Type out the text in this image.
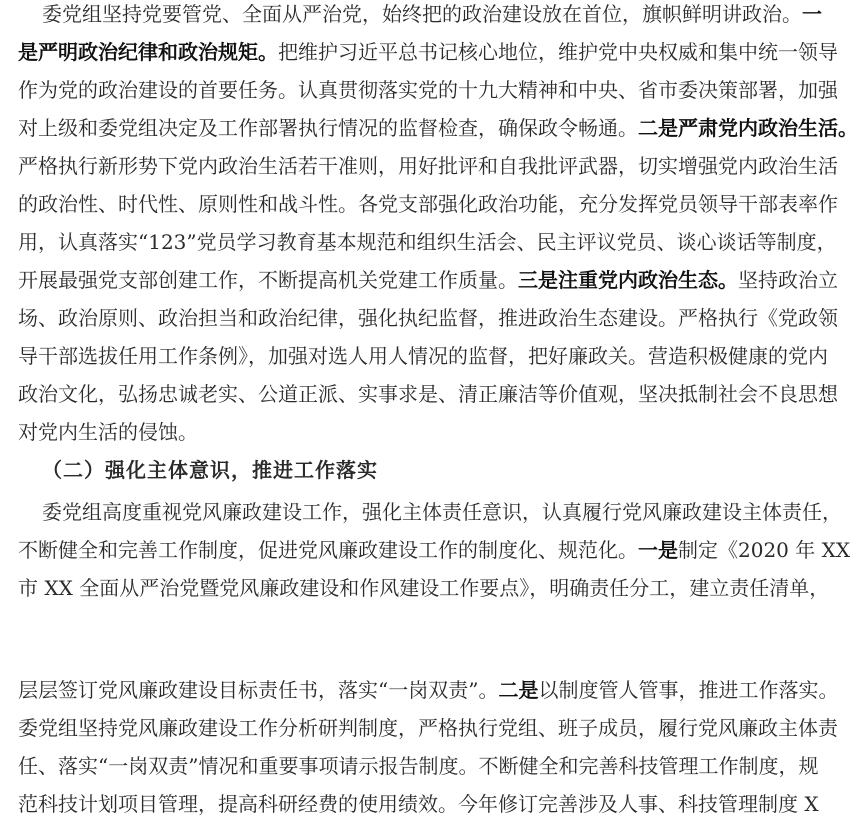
委党组坚持党要管党、全面从严治党，始终把的政治建设放在首位，旗帜鲜明讲政治。一
是严明政治纪律和政治规矩。把维护习近平总书记核心地位，维护党中央权威和集中统一领导
作为党的政治建设的首要任务。认真贯彻落实党的十九大精神和中央、省市委决策部署，加强
对上级和委党组决定及工作部署执行情况的监督检查，确保政令畅通。二是严肃党内政治生活。
严格执行新形势下党内政治生活若干准则，用好批评和自我批评武器，切实增强党内政治生活
的政治性、时代性、原则性和战斗性。各党支部强化政治功能，充分发挥党员领导干部表率作
用，认真落实“123”党员学习教育基本规范和组织生活会、民主评议党员、谈心谈话等制度，
开展最强党支部创建工作，不断提高机关党建工作质量。三是注重党内政治生态。坚持政治立
场、政治原则、政治担当和政治纪律，强化执纪监督，推进政治生态建设。严格执行《党政领
导干部选拔任用工作条例》，加强对选人用人情况的监督，把好廉政关。营造积极健康的党内
政治文化，弘扬忠诚老实、公道正派、实事求是、清正廉洁等价值观，坚决抵制社会不良思想
对党内生活的侵蚀。
（二）强化主体意识，推进工作落实
委党组高度重视党风廉政建设工作，强化主体责任意识，认真履行党风廉政建设主体责任，
不断健全和完善工作制度，促进党风廉政建设工作的制度化、规范化。一是制定《2020 年 XX
市 XX 全面从严治党暨党风廉政建设和作风建设工作要点》，明确责任分工，建立责任清单，
层层签订党风廉政建设目标责任书，落实“一岗双责”。二是以制度管人管事，推进工作落实。
委党组坚持党风廉政建设工作分析研判制度，严格执行党组、班子成员，履行党风廉政主体责
任、落实“一岗双责”情况和重要事项请示报告制度。不断健全和完善科技管理工作制度，规
范科技计划项目管理，提高科研经费的使用绩效。今年修订完善涉及人事、科技管理制度 X
